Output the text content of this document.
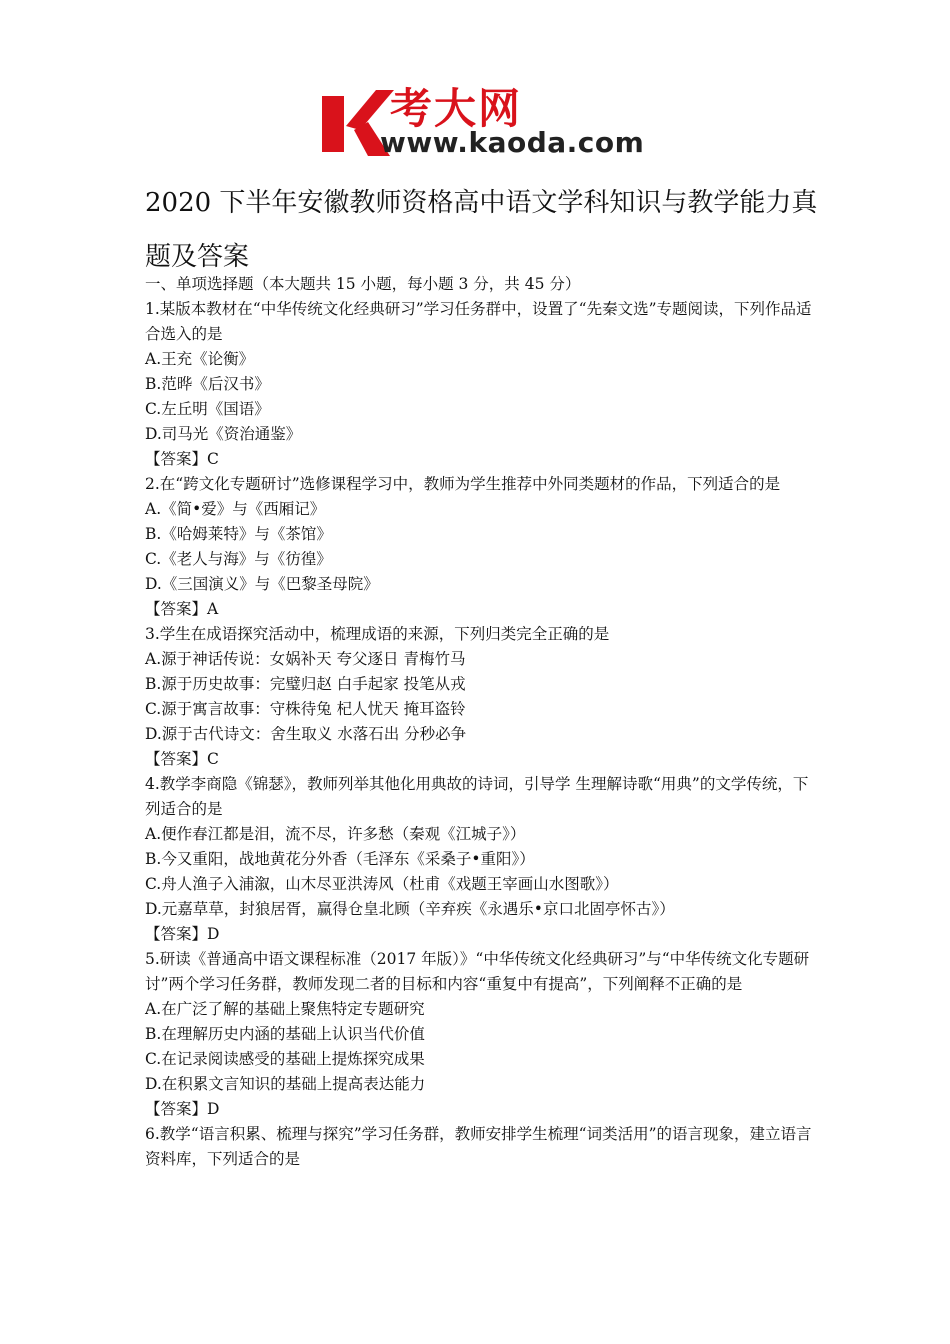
考大网
www.kaoda.com
2020 下半年安徽教师资格高中语文学科知识与教学能力真题及答案

一、单项选择题（本大题共 15 小题，每小题 3 分，共 45 分）

1.某版本教材在“中华传统文化经典研习”学习任务群中，设置了“先秦文选”专题阅读，下列作品适合选入的是

A.王充《论衡》

B.范晔《后汉书》

C.左丘明《国语》

D.司马光《资治通鉴》

【答案】C

2.在“跨文化专题研讨”选修课程学习中，教师为学生推荐中外同类题材的作品，下列适合的是

A.《简•爱》与《西厢记》

B.《哈姆莱特》与《茶馆》

C.《老人与海》与《彷徨》

D.《三国演义》与《巴黎圣母院》

【答案】A

3.学生在成语探究活动中，梳理成语的来源，下列归类完全正确的是

A.源于神话传说：女娲补天 夸父逐日 青梅竹马

B.源于历史故事：完璧归赵 白手起家 投笔从戎

C.源于寓言故事：守株待兔 杞人忧天 掩耳盗铃

D.源于古代诗文：舍生取义 水落石出 分秒必争

【答案】C

4.教学李商隐《锦瑟》，教师列举其他化用典故的诗词，引导学 生理解诗歌“用典”的文学传统，下列适合的是

A.便作春江都是泪，流不尽，许多愁（秦观《江城子》）

B.今又重阳，战地黄花分外香（毛泽东《采桑子•重阳》）

C.舟人渔子入浦溆，山木尽亚洪涛风（杜甫《戏题王宰画山水图歌》）

D.元嘉草草，封狼居胥，赢得仓皇北顾（辛弃疾《永遇乐•京口北固亭怀古》）

【答案】D

5.研读《普通高中语文课程标准（2017 年版）》“中华传统文化经典研习”与“中华传统文化专题研讨”两个学习任务群，教师发现二者的目标和内容“重复中有提高”，下列阐释不正确的是

A.在广泛了解的基础上聚焦特定专题研究

B.在理解历史内涵的基础上认识当代价值

C.在记录阅读感受的基础上提炼探究成果

D.在积累文言知识的基础上提高表达能力

【答案】D

6.教学“语言积累、梳理与探究”学习任务群，教师安排学生梳理“词类活用”的语言现象，建立语言资料库，下列适合的是
